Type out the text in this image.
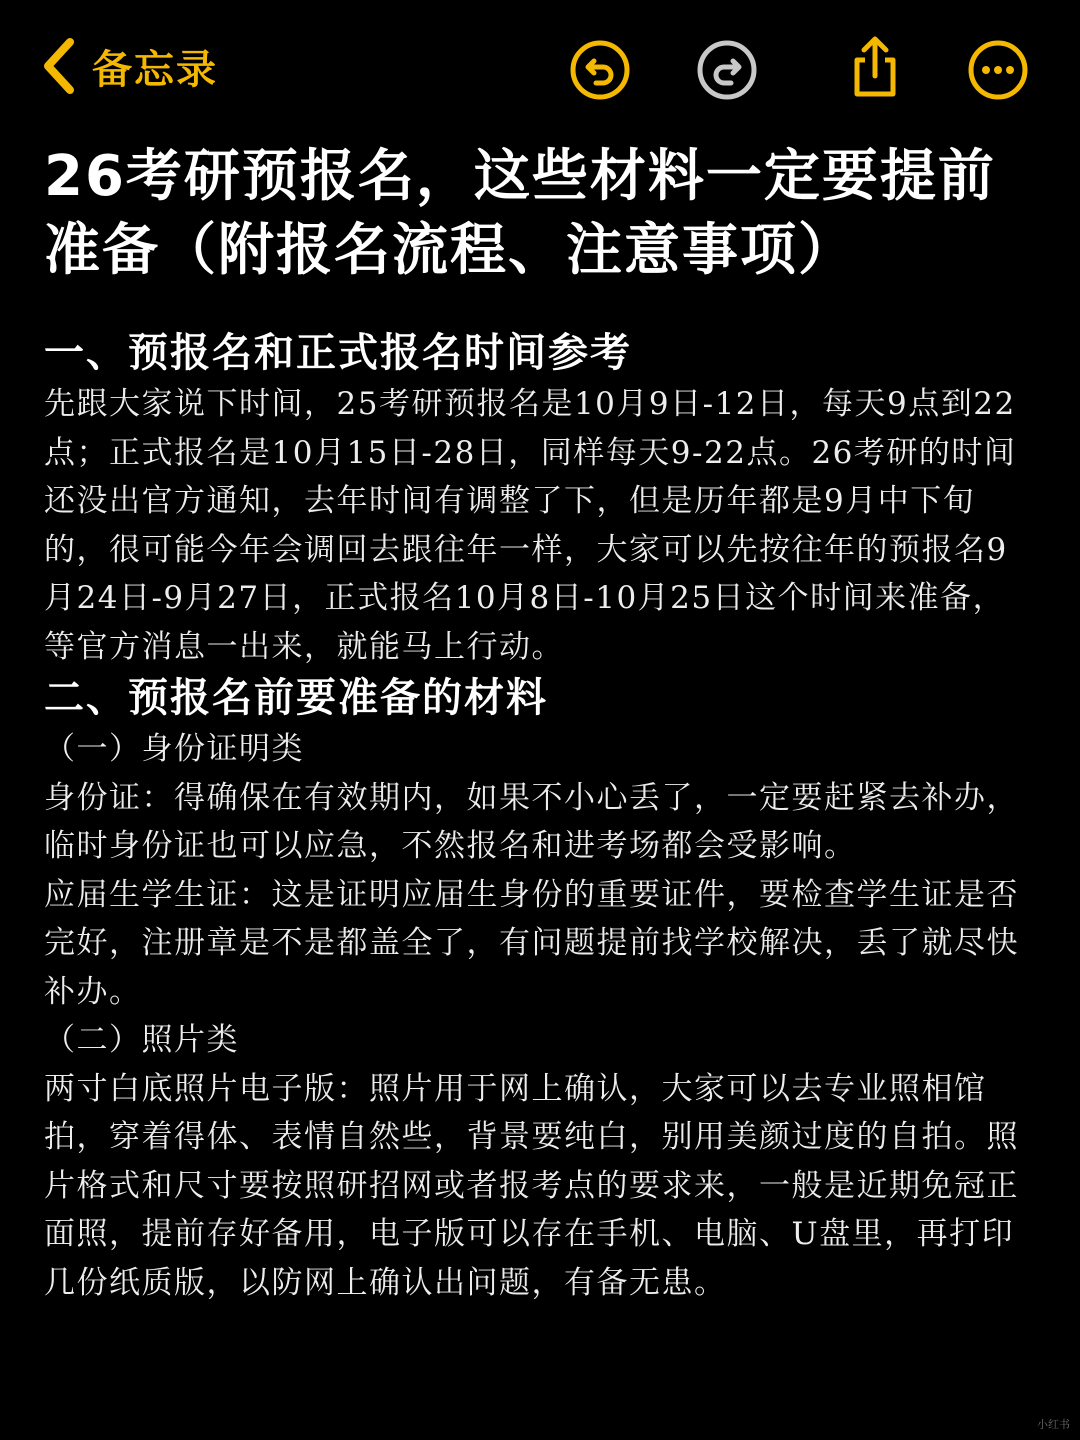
备忘录
26考研预报名，这些材料一定要提前准备（附报名流程、注意事项）
一、预报名和正式报名时间参考

先跟大家说下时间，25考研预报名是10月9日-12日，每天9点到22点；正式报名是10月15日-28日，同样每天9-22点。26考研的时间还没出官方通知，去年时间有调整了下，但是历年都是9月中下旬的，很可能今年会调回去跟往年一样，大家可以先按往年的预报名9月24日-9月27日，正式报名10月8日-10月25日这个时间来准备，等官方消息一出来，就能马上行动。

二、预报名前要准备的材料

（一）身份证明类

身份证：得确保在有效期内，如果不小心丢了，一定要赶紧去补办，临时身份证也可以应急，不然报名和进考场都会受影响。

应届生学生证：这是证明应届生身份的重要证件，要检查学生证是否完好，注册章是不是都盖全了，有问题提前找学校解决，丢了就尽快补办。

（二）照片类

两寸白底照片电子版：照片用于网上确认，大家可以去专业照相馆拍，穿着得体、表情自然些，背景要纯白，别用美颜过度的自拍。照片格式和尺寸要按照研招网或者报考点的要求来，一般是近期免冠正面照，提前存好备用，电子版可以存在手机、电脑、U盘里，再打印几份纸质版，以防网上确认出问题，有备无患。

小红书
